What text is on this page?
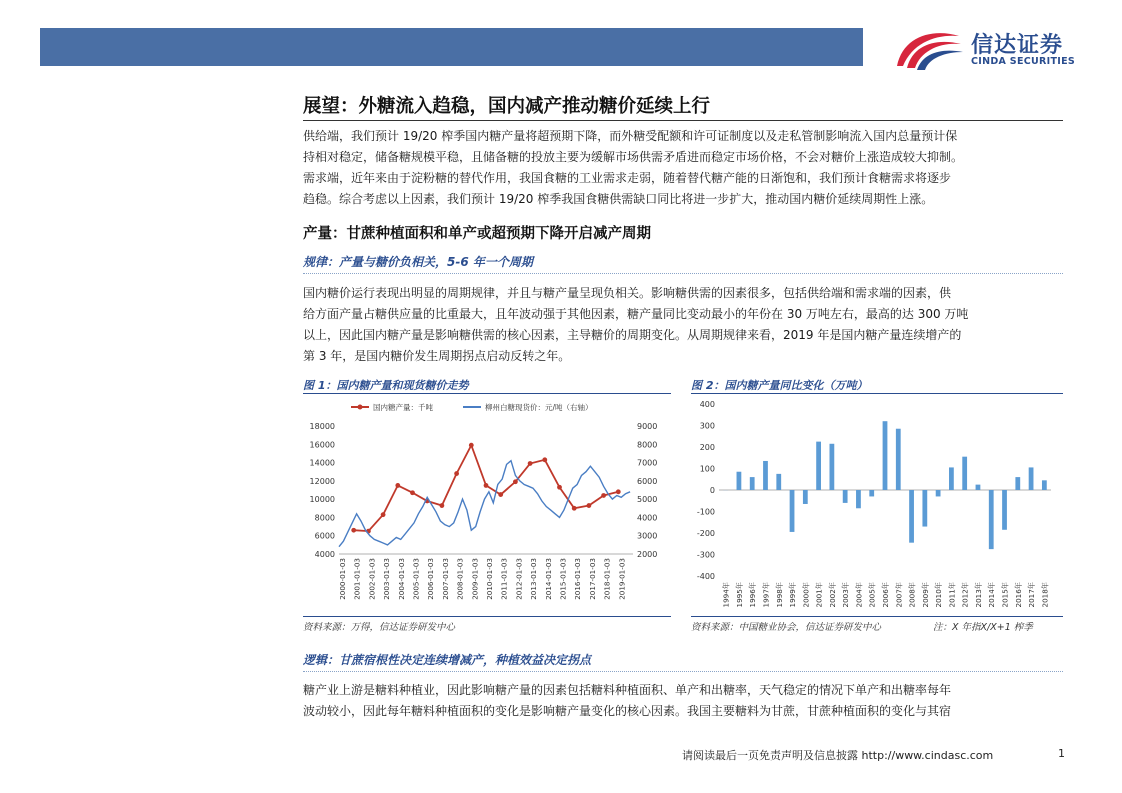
信达证券
CINDA SECURITIES
展望：外糖流入趋稳，国内减产推动糖价延续上行
供给端，我们预计 19/20 榨季国内糖产量将超预期下降，而外糖受配额和许可证制度以及走私管制影响流入国内总量预计保
持相对稳定，储备糖规模平稳，且储备糖的投放主要为缓解市场供需矛盾进而稳定市场价格，不会对糖价上涨造成较大抑制。
需求端，近年来由于淀粉糖的替代作用，我国食糖的工业需求走弱，随着替代糖产能的日渐饱和，我们预计食糖需求将逐步
趋稳。综合考虑以上因素，我们预计 19/20 榨季我国食糖供需缺口同比将进一步扩大，推动国内糖价延续周期性上涨。
产量：甘蔗种植面积和单产或超预期下降开启减产周期
规律：产量与糖价负相关，5-6 年一个周期
国内糖价运行表现出明显的周期规律，并且与糖产量呈现负相关。影响糖供需的因素很多，包括供给端和需求端的因素，供
给方面产量占糖供应量的比重最大，且年波动强于其他因素，糖产量同比变动最小的年份在 30 万吨左右，最高的达 300 万吨
以上，因此国内糖产量是影响糖供需的核心因素，主导糖价的周期变化。从周期规律来看，2019 年是国内糖产量连续增产的
第 3 年，是国内糖价发生周期拐点启动反转之年。
图 1：国内糖产量和现货糖价走势
国内糖产量：千吨	柳州白糖现货价：元/吨（右轴）
18000
16000
14000
12000
10000
8000
6000
4000
9000
8000
7000
6000
5000
4000
3000
2000
2000-01-03 2001-01-03 2002-01-03 2003-01-03 2004-01-03 2005-01-03 2006-01-03 2007-01-03 2008-01-03 2009-01-03 2010-01-03 2011-01-03 2012-01-03 2013-01-03 2014-01-03 2015-01-03 2016-01-03 2017-01-03 2018-01-03 2019-01-03
资料来源：万得，信达证券研发中心
图 2：国内糖产量同比变化（万吨）
400
300
200
100
0
-100
-200
-300
-400
1994年 1995年 1996年 1997年 1998年 1999年 2000年 2001年 2002年 2003年 2004年 2005年 2006年 2007年 2008年 2009年 2010年 2011年 2012年 2013年 2014年 2015年 2016年 2017年 2018年
资料来源：中国糖业协会，信达证券研发中心	注：X 年指X/X+1 榨季
逻辑：甘蔗宿根性决定连续增减产，种植效益决定拐点
糖产业上游是糖料种植业，因此影响糖产量的因素包括糖料种植面积、单产和出糖率，天气稳定的情况下单产和出糖率每年
波动较小，因此每年糖料种植面积的变化是影响糖产量变化的核心因素。我国主要糖料为甘蔗，甘蔗种植面积的变化与其宿
请阅读最后一页免责声明及信息披露 http://www.cindasc.com	1
